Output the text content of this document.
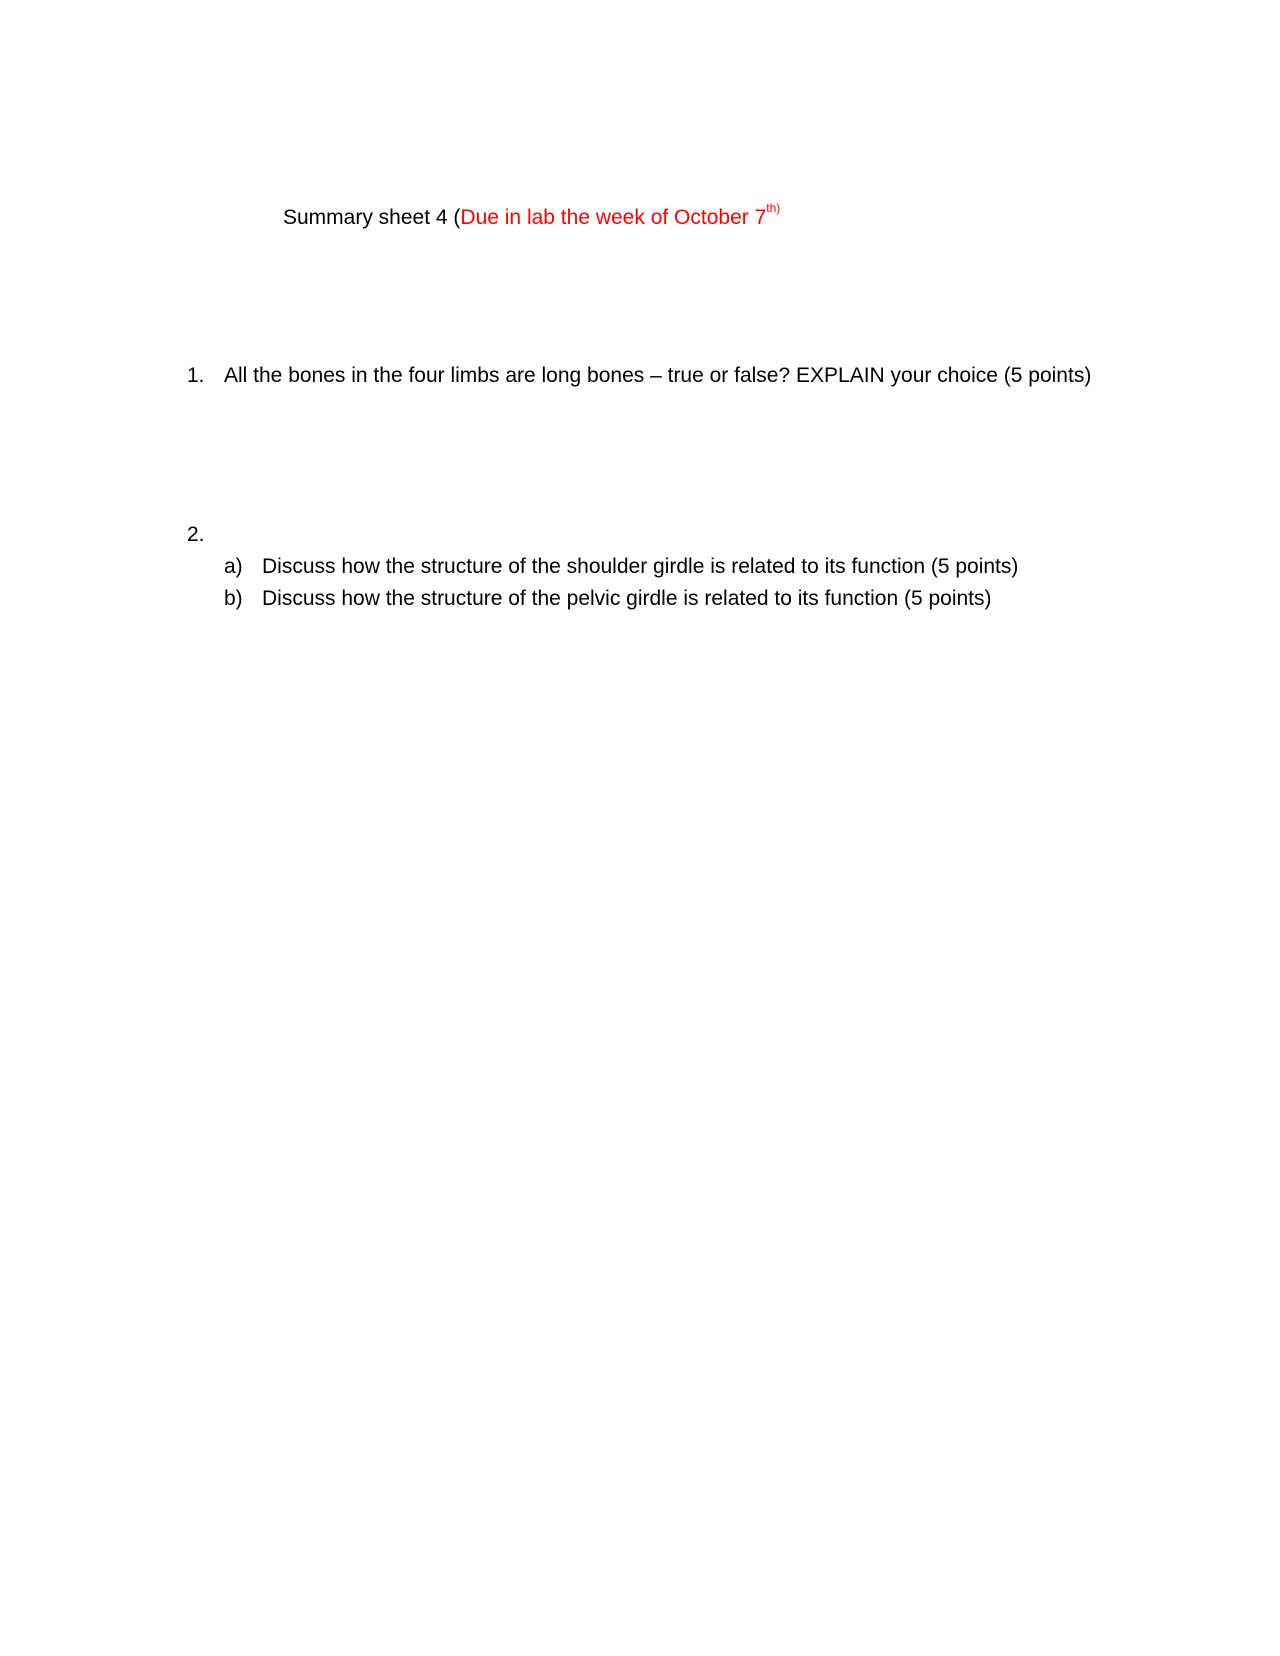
Summary sheet 4 (Due in lab the week of October $7^{th)}$
1. All the bones in the four limbs are long bones – true or false? EXPLAIN your choice (5 points)
2.
a) Discuss how the structure of the shoulder girdle is related to its function (5 points)
b) Discuss how the structure of the pelvic girdle is related to its function (5 points)
